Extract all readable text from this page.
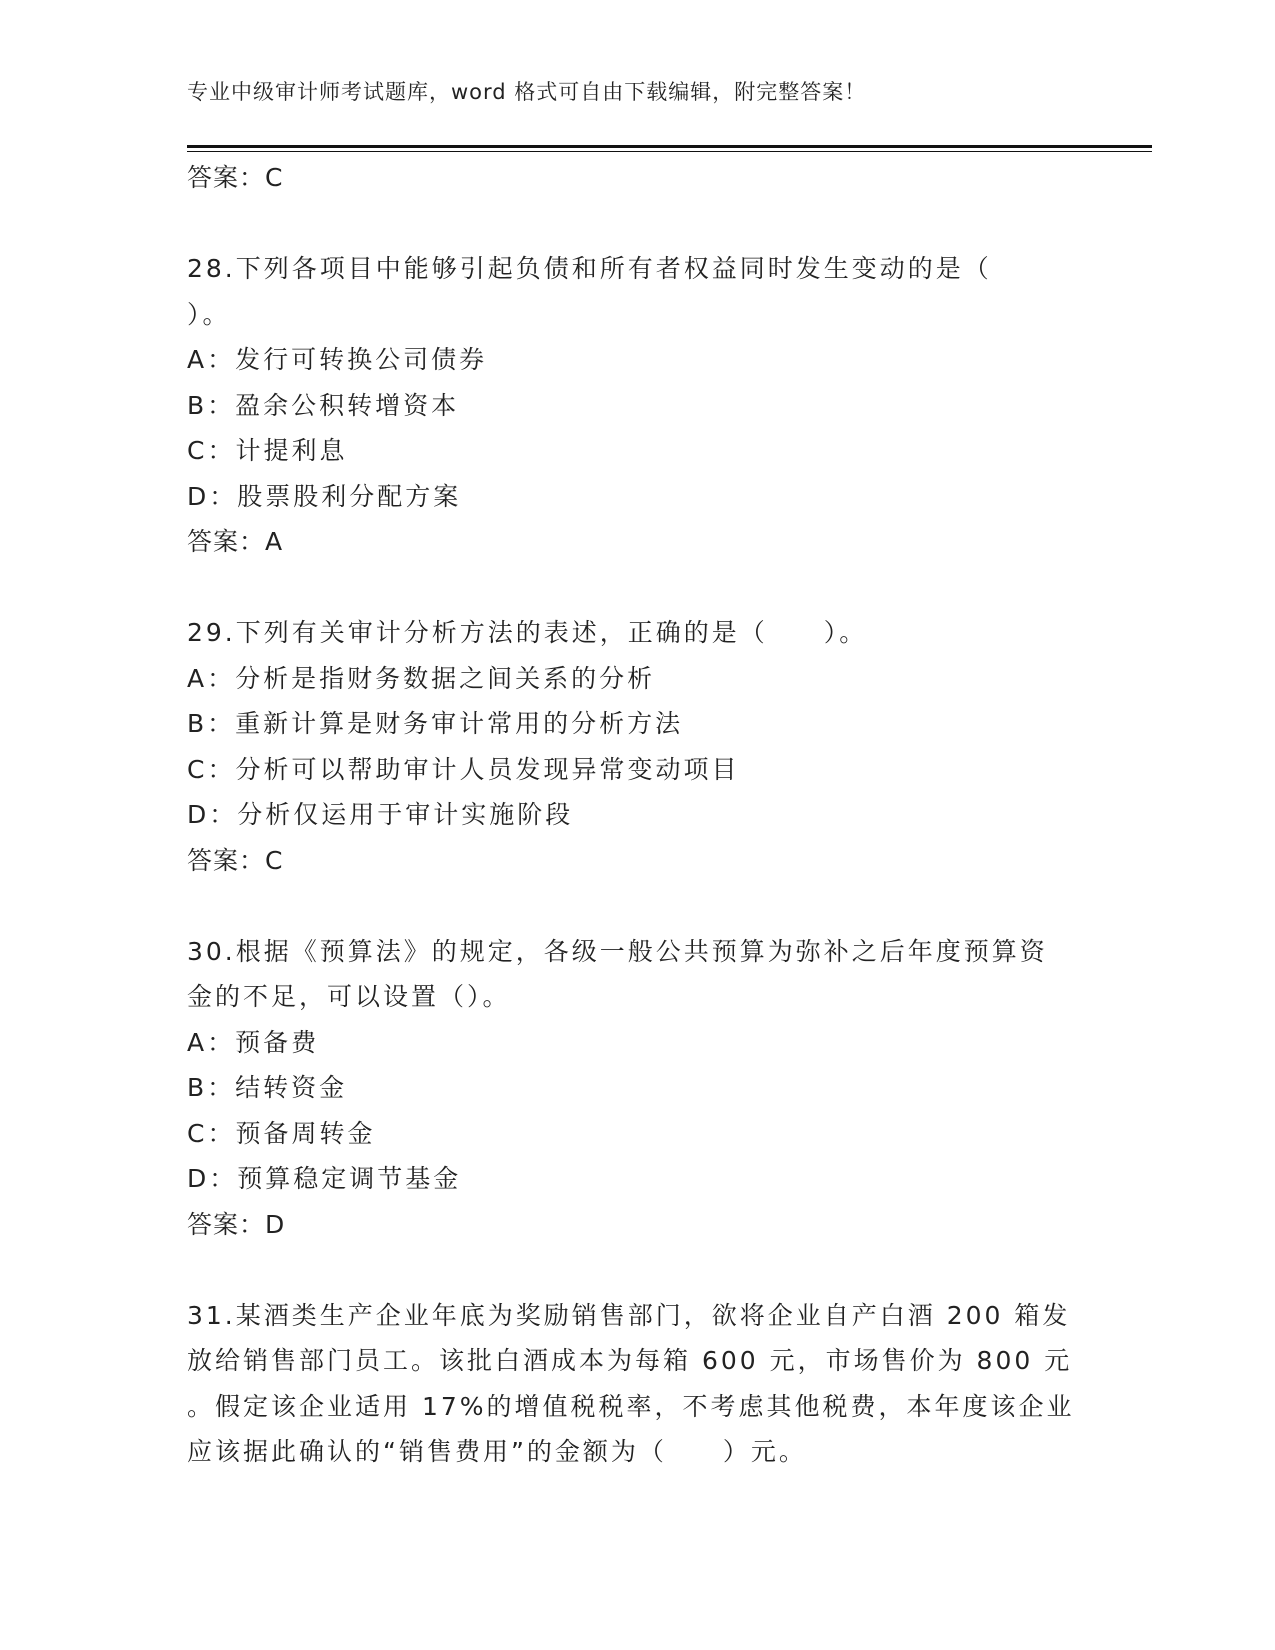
专业中级审计师考试题库，word 格式可自由下载编辑，附完整答案！
答案：C
28.下列各项目中能够引起负债和所有者权益同时发生变动的是（
）。
A：发行可转换公司债券
B：盈余公积转增资本
C：计提利息
D：股票股利分配方案
答案：A
29.下列有关审计分析方法的表述，正确的是（　　）。
A：分析是指财务数据之间关系的分析
B：重新计算是财务审计常用的分析方法
C：分析可以帮助审计人员发现异常变动项目
D：分析仅运用于审计实施阶段
答案：C
30.根据《预算法》的规定，各级一般公共预算为弥补之后年度预算资
金的不足，可以设置（）。
A：预备费
B：结转资金
C：预备周转金
D：预算稳定调节基金
答案：D
31.某酒类生产企业年底为奖励销售部门，欲将企业自产白酒 200 箱发
放给销售部门员工。该批白酒成本为每箱 600 元，市场售价为 800 元
。假定该企业适用 17%的增值税税率，不考虑其他税费，本年度该企业
应该据此确认的“销售费用”的金额为（　　）元。
